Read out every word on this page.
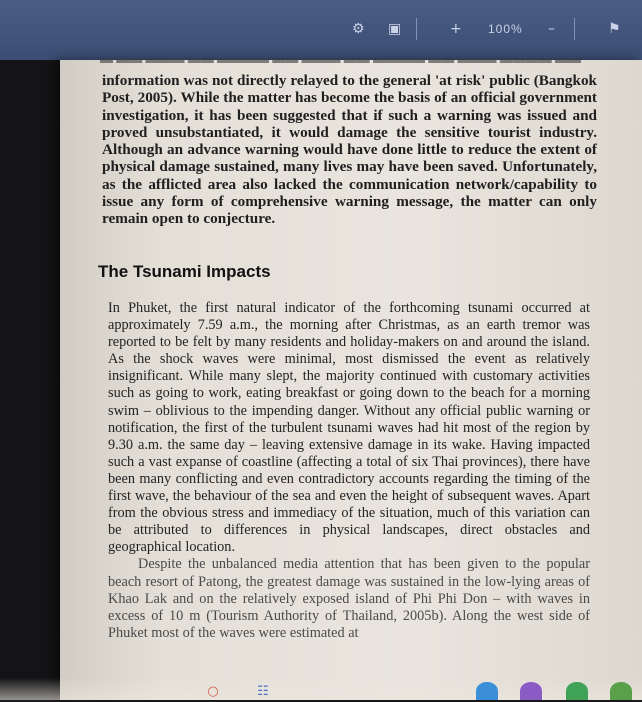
⚙ ▣	+ 100% –	⚑
▬ ▬▬ ▬▬▬ ▬▬ ▬▬▬▬ ▬▬ ▬▬▬ ▬▬ ▬▬▬▬ ▬▬ ▬▬▬ ▬▬▬▬ ▬▬
information was not directly relayed to the general 'at risk' public (Bangkok Post, 2005). While the matter has become the basis of an official government investigation, it has been suggested that if such a warning was issued and proved unsubstantiated, it would damage the sensitive tourist industry. Although an advance warning would have done little to reduce the extent of physical damage sustained, many lives may have been saved. Unfortunately, as the afflicted area also lacked the communication network/capability to issue any form of comprehensive warning message, the matter can only remain open to conjecture.
The Tsunami Impacts

In Phuket, the first natural indicator of the forthcoming tsunami occurred at approximately 7.59 a.m., the morning after Christmas, as an earth tremor was reported to be felt by many residents and holiday-makers on and around the island. As the shock waves were minimal, most dismissed the event as relatively insignificant. While many slept, the majority continued with customary activities such as going to work, eating breakfast or going down to the beach for a morning swim – oblivious to the impending danger. Without any official public warning or notification, the first of the turbulent tsunami waves had hit most of the region by 9.30 a.m. the same day – leaving extensive damage in its wake. Having impacted such a vast expanse of coastline (affecting a total of six Thai provinces), there have been many conflicting and even contradictory accounts regarding the timing of the first wave, the behaviour of the sea and even the height of subsequent waves. Apart from the obvious stress and immediacy of the situation, much of this variation can be attributed to differences in physical landscapes, direct obstacles and geographical location.

Despite the unbalanced media attention that has been given to the popular beach resort of Patong, the greatest damage was sustained in the low-lying areas of Khao Lak and on the relatively exposed island of Phi Phi Don – with waves in excess of 10 m (Tourism Authority of Thailand, 2005b). Along the west side of Phuket most of the waves were estimated at

○	☷
